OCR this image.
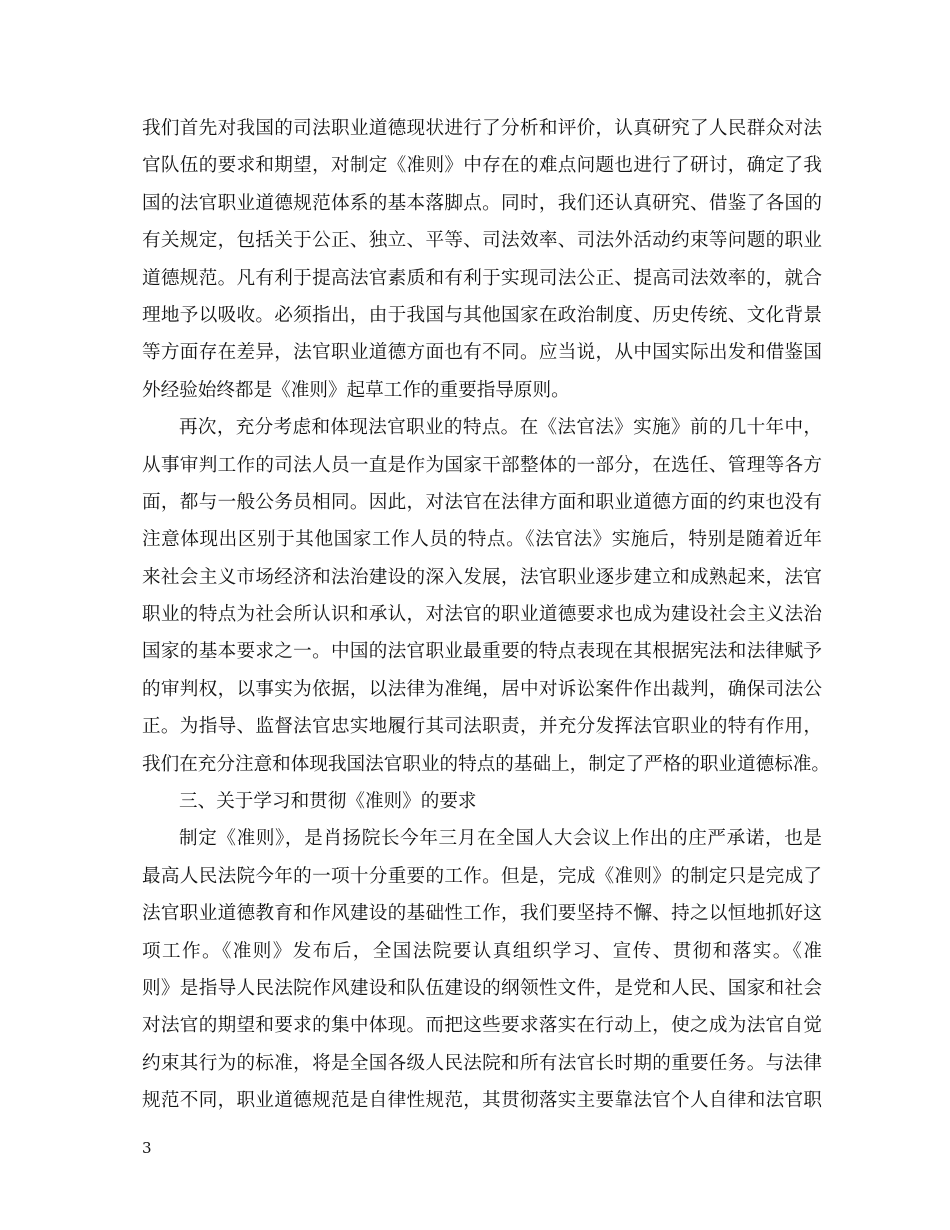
我们首先对我国的司法职业道德现状进行了分析和评价，认真研究了人民群众对法
官队伍的要求和期望，对制定《准则》中存在的难点问题也进行了研讨，确定了我
国的法官职业道德规范体系的基本落脚点。同时，我们还认真研究、借鉴了各国的
有关规定，包括关于公正、独立、平等、司法效率、司法外活动约束等问题的职业
道德规范。凡有利于提高法官素质和有利于实现司法公正、提高司法效率的，就合
理地予以吸收。必须指出，由于我国与其他国家在政治制度、历史传统、文化背景
等方面存在差异，法官职业道德方面也有不同。应当说，从中国实际出发和借鉴国
外经验始终都是《准则》起草工作的重要指导原则。
再次，充分考虑和体现法官职业的特点。在《法官法》实施》前的几十年中，
从事审判工作的司法人员一直是作为国家干部整体的一部分，在选任、管理等各方
面，都与一般公务员相同。因此，对法官在法律方面和职业道德方面的约束也没有
注意体现出区别于其他国家工作人员的特点。《法官法》实施后，特别是随着近年
来社会主义市场经济和法治建设的深入发展，法官职业逐步建立和成熟起来，法官
职业的特点为社会所认识和承认，对法官的职业道德要求也成为建设社会主义法治
国家的基本要求之一。中国的法官职业最重要的特点表现在其根据宪法和法律赋予
的审判权，以事实为依据，以法律为准绳，居中对诉讼案件作出裁判，确保司法公
正。为指导、监督法官忠实地履行其司法职责，并充分发挥法官职业的特有作用，
我们在充分注意和体现我国法官职业的特点的基础上，制定了严格的职业道德标准。
三、关于学习和贯彻《准则》的要求
制定《准则》，是肖扬院长今年三月在全国人大会议上作出的庄严承诺，也是
最高人民法院今年的一项十分重要的工作。但是，完成《准则》的制定只是完成了
法官职业道德教育和作风建设的基础性工作，我们要坚持不懈、持之以恒地抓好这
项工作。《准则》发布后，全国法院要认真组织学习、宣传、贯彻和落实。《准
则》是指导人民法院作风建设和队伍建设的纲领性文件，是党和人民、国家和社会
对法官的期望和要求的集中体现。而把这些要求落实在行动上，使之成为法官自觉
约束其行为的标准，将是全国各级人民法院和所有法官长时期的重要任务。与法律
规范不同，职业道德规范是自律性规范，其贯彻落实主要靠法官个人自律和法官职
3
